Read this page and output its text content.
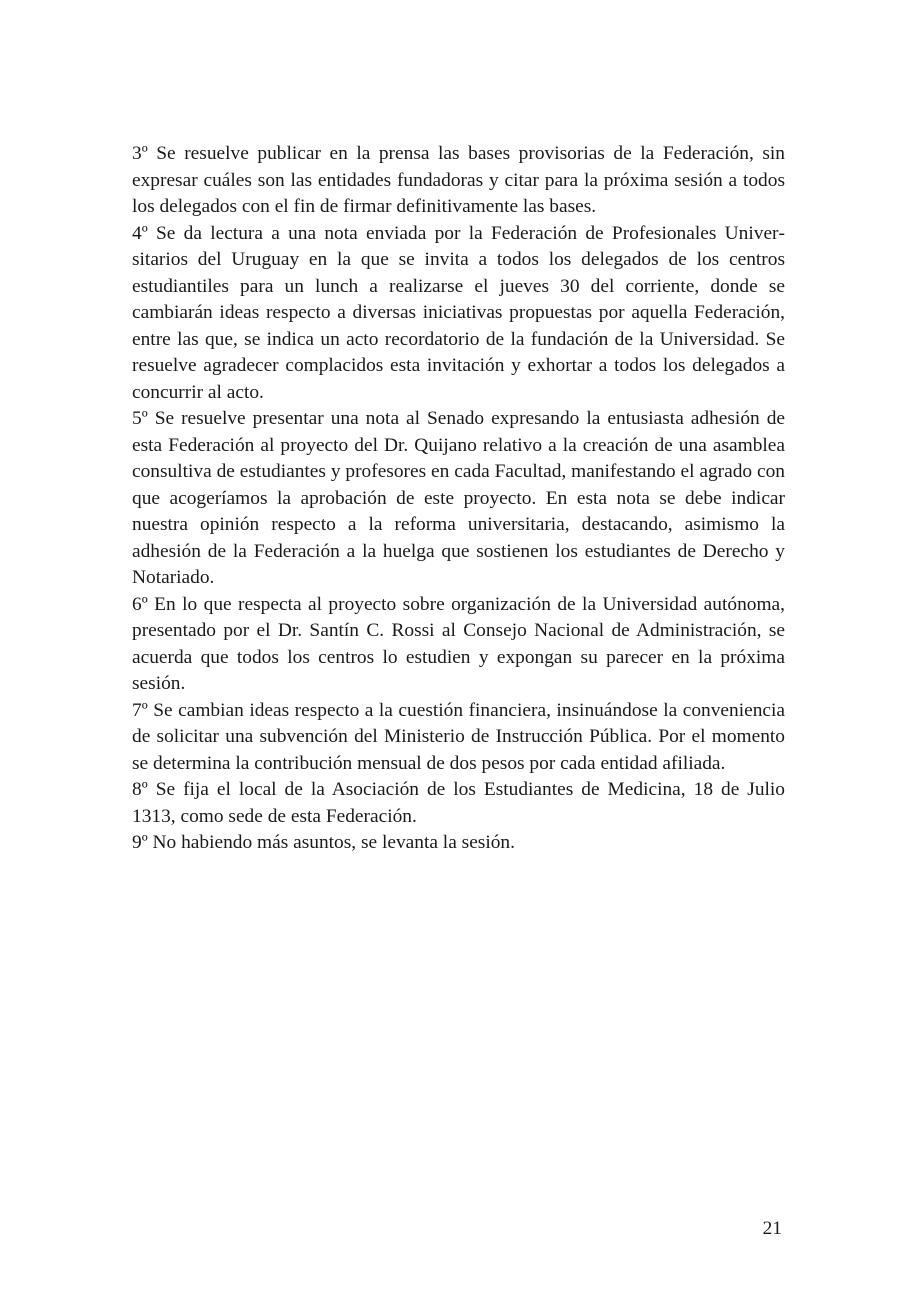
3º Se resuelve publicar en la prensa las bases provisorias de la Federación, sin expresar cuáles son las entidades fundadoras y citar para la próxima sesión a todos los delegados con el fin de firmar definitivamente las bases.

4º Se da lectura a una nota enviada por la Federación de Profesionales Universitarios del Uruguay en la que se invita a todos los delegados de los centros estudiantiles para un lunch a realizarse el jueves 30 del corriente, donde se cambiarán ideas respecto a diversas iniciativas propuestas por aquella Federación, entre las que, se indica un acto recordatorio de la fundación de la Universidad. Se resuelve agradecer complacidos esta invitación y exhortar a todos los delegados a concurrir al acto.

5º Se resuelve presentar una nota al Senado expresando la entusiasta adhesión de esta Federación al proyecto del Dr. Quijano relativo a la creación de una asamblea consultiva de estudiantes y profesores en cada Facultad, manifestando el agrado con que acogeríamos la aprobación de este proyecto. En esta nota se debe indicar nuestra opinión respecto a la reforma universitaria, destacando, asimismo la adhesión de la Federación a la huelga que sostienen los estudiantes de Derecho y Notariado.

6º En lo que respecta al proyecto sobre organización de la Universidad autónoma, presentado por el Dr. Santín C. Rossi al Consejo Nacional de Administración, se acuerda que todos los centros lo estudien y expongan su parecer en la próxima sesión.

7º Se cambian ideas respecto a la cuestión financiera, insinuándose la conveniencia de solicitar una subvención del Ministerio de Instrucción Pública. Por el momento se determina la contribución mensual de dos pesos por cada entidad afiliada.

8º Se fija el local de la Asociación de los Estudiantes de Medicina, 18 de Julio 1313, como sede de esta Federación.

9º No habiendo más asuntos, se levanta la sesión.

21
